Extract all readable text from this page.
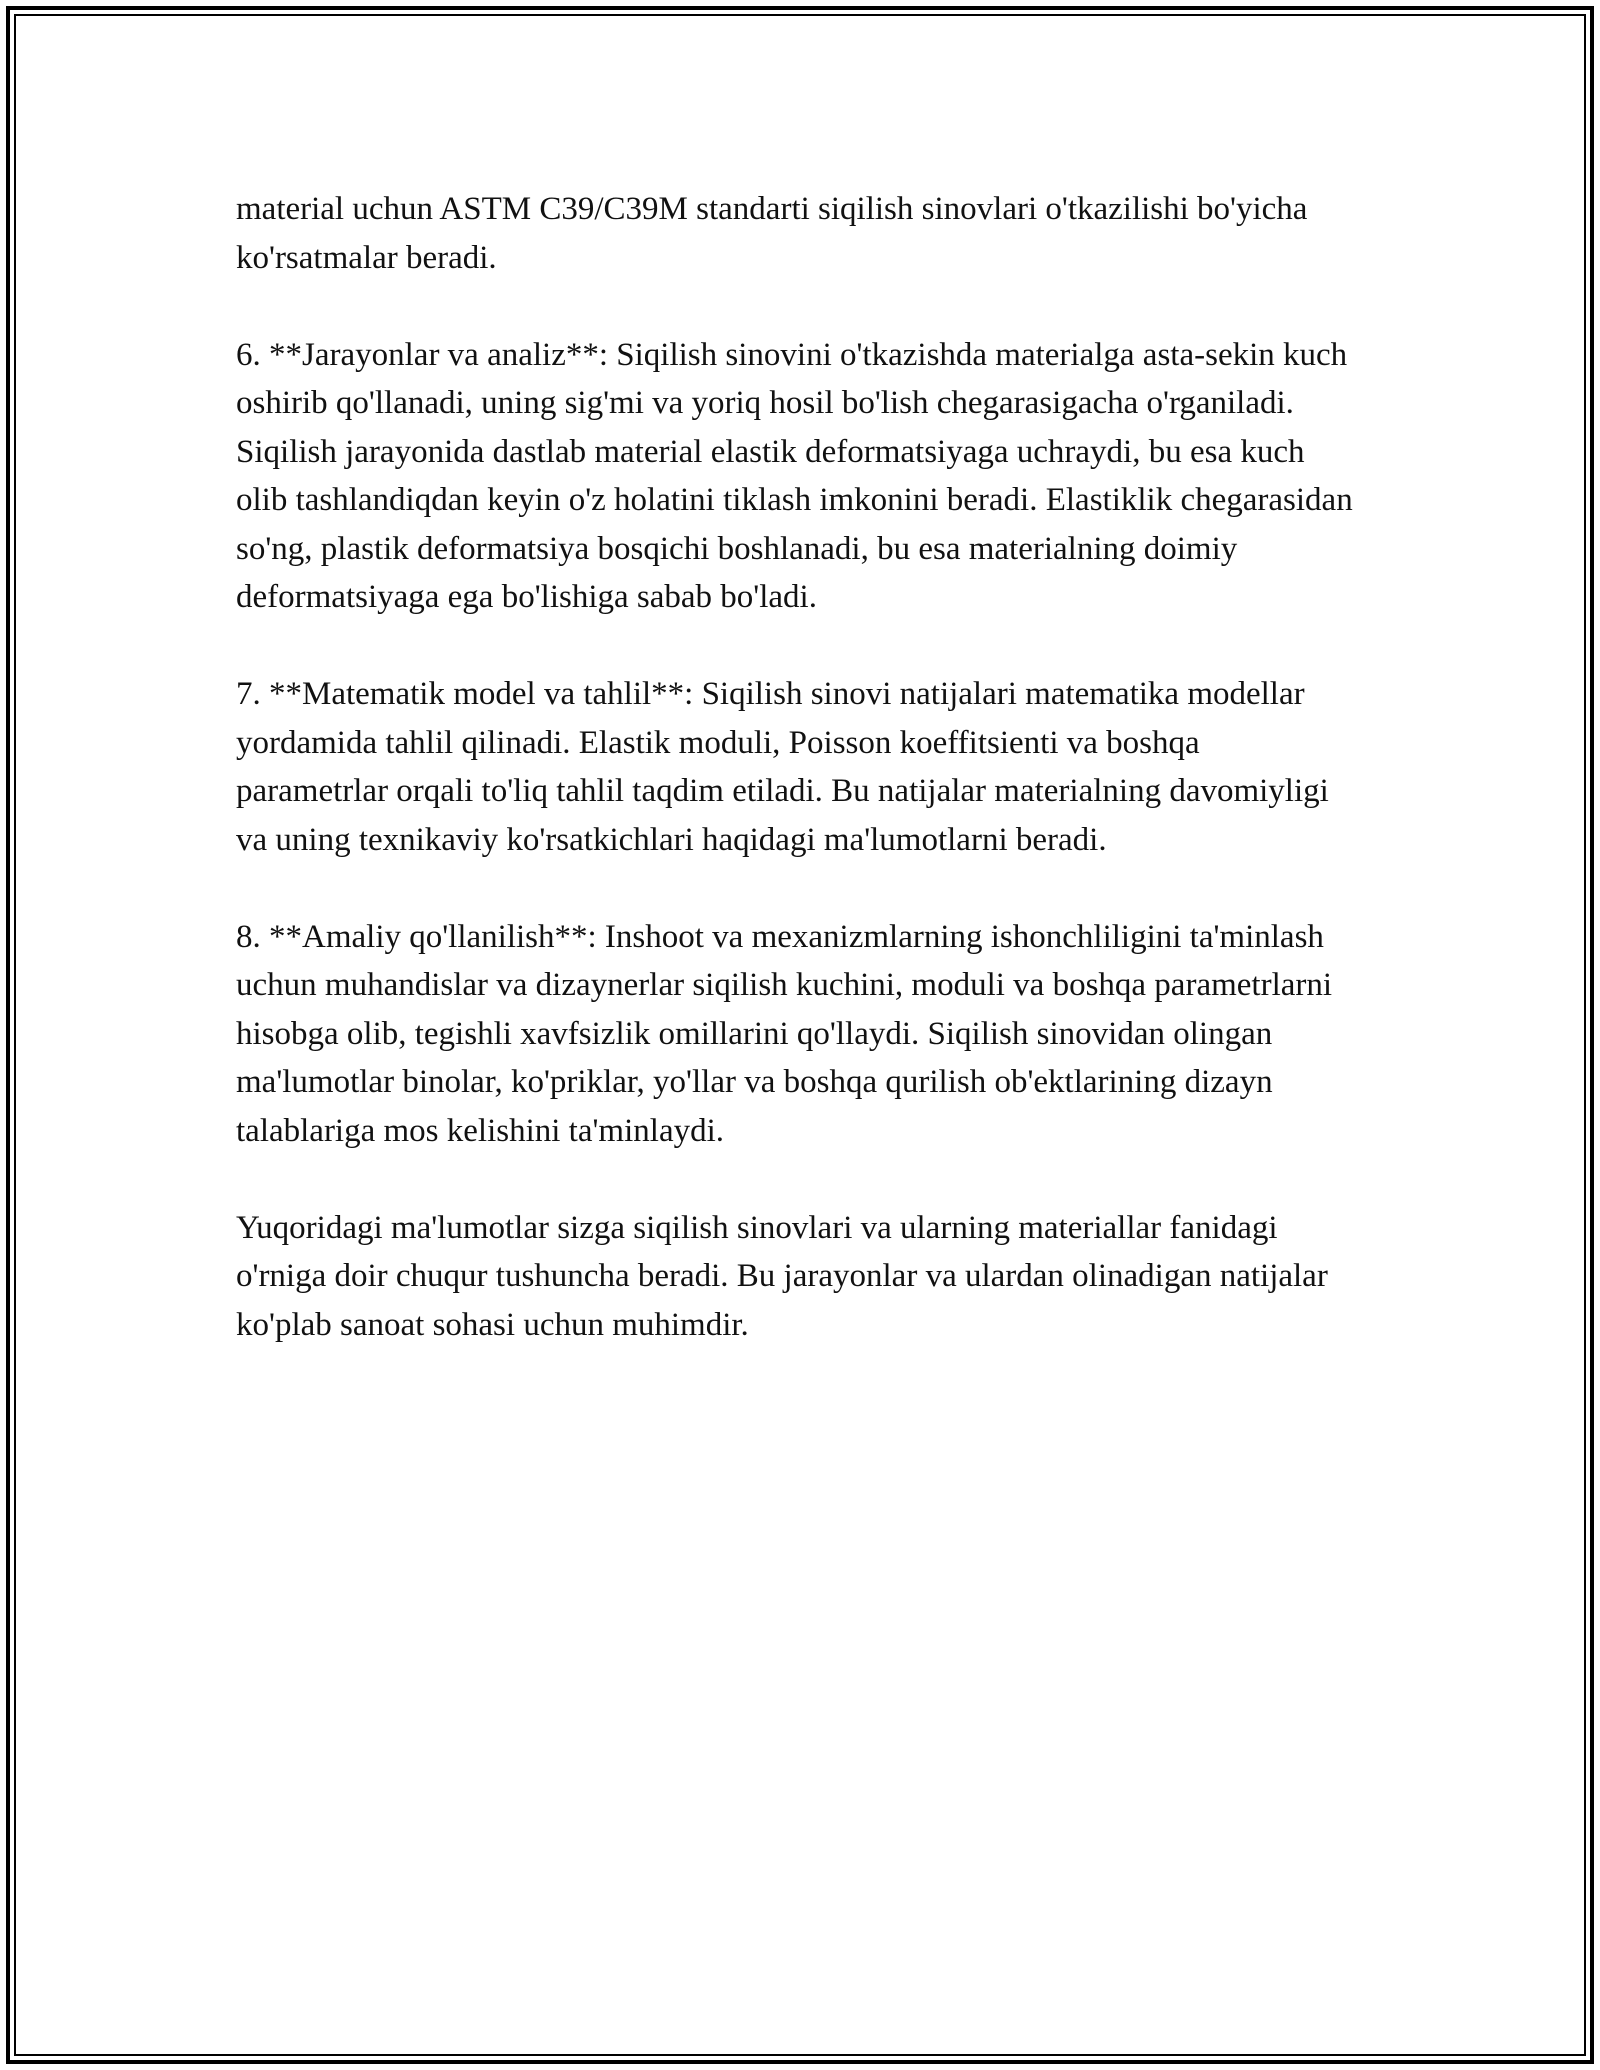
material uchun ASTM C39/C39M standarti siqilish sinovlari o'tkazilishi bo'yicha ko'rsatmalar beradi.

6. **Jarayonlar va analiz**: Siqilish sinovini o'tkazishda materialga asta-sekin kuch oshirib qo'llanadi, uning sig'mi va yoriq hosil bo'lish chegarasigacha o'rganiladi. Siqilish jarayonida dastlab material elastik deformatsiyaga uchraydi, bu esa kuch olib tashlandiqdan keyin o'z holatini tiklash imkonini beradi. Elastiklik chegarasidan so'ng, plastik deformatsiya bosqichi boshlanadi, bu esa materialning doimiy deformatsiyaga ega bo'lishiga sabab bo'ladi.

7. **Matematik model va tahlil**: Siqilish sinovi natijalari matematika modellar yordamida tahlil qilinadi. Elastik moduli, Poisson koeffitsienti va boshqa parametrlar orqali to'liq tahlil taqdim etiladi. Bu natijalar materialning davomiyligi va uning texnikaviy ko'rsatkichlari haqidagi ma'lumotlarni beradi.

8. **Amaliy qo'llanilish**: Inshoot va mexanizmlarning ishonchliligini ta'minlash uchun muhandislar va dizaynerlar siqilish kuchini, moduli va boshqa parametrlarni hisobga olib, tegishli xavfsizlik omillarini qo'llaydi. Siqilish sinovidan olingan ma'lumotlar binolar, ko'priklar, yo'llar va boshqa qurilish ob'ektlarining dizayn talablariga mos kelishini ta'minlaydi.

Yuqoridagi ma'lumotlar sizga siqilish sinovlari va ularning materiallar fanidagi o'rniga doir chuqur tushuncha beradi. Bu jarayonlar va ulardan olinadigan natijalar ko'plab sanoat sohasi uchun muhimdir.
